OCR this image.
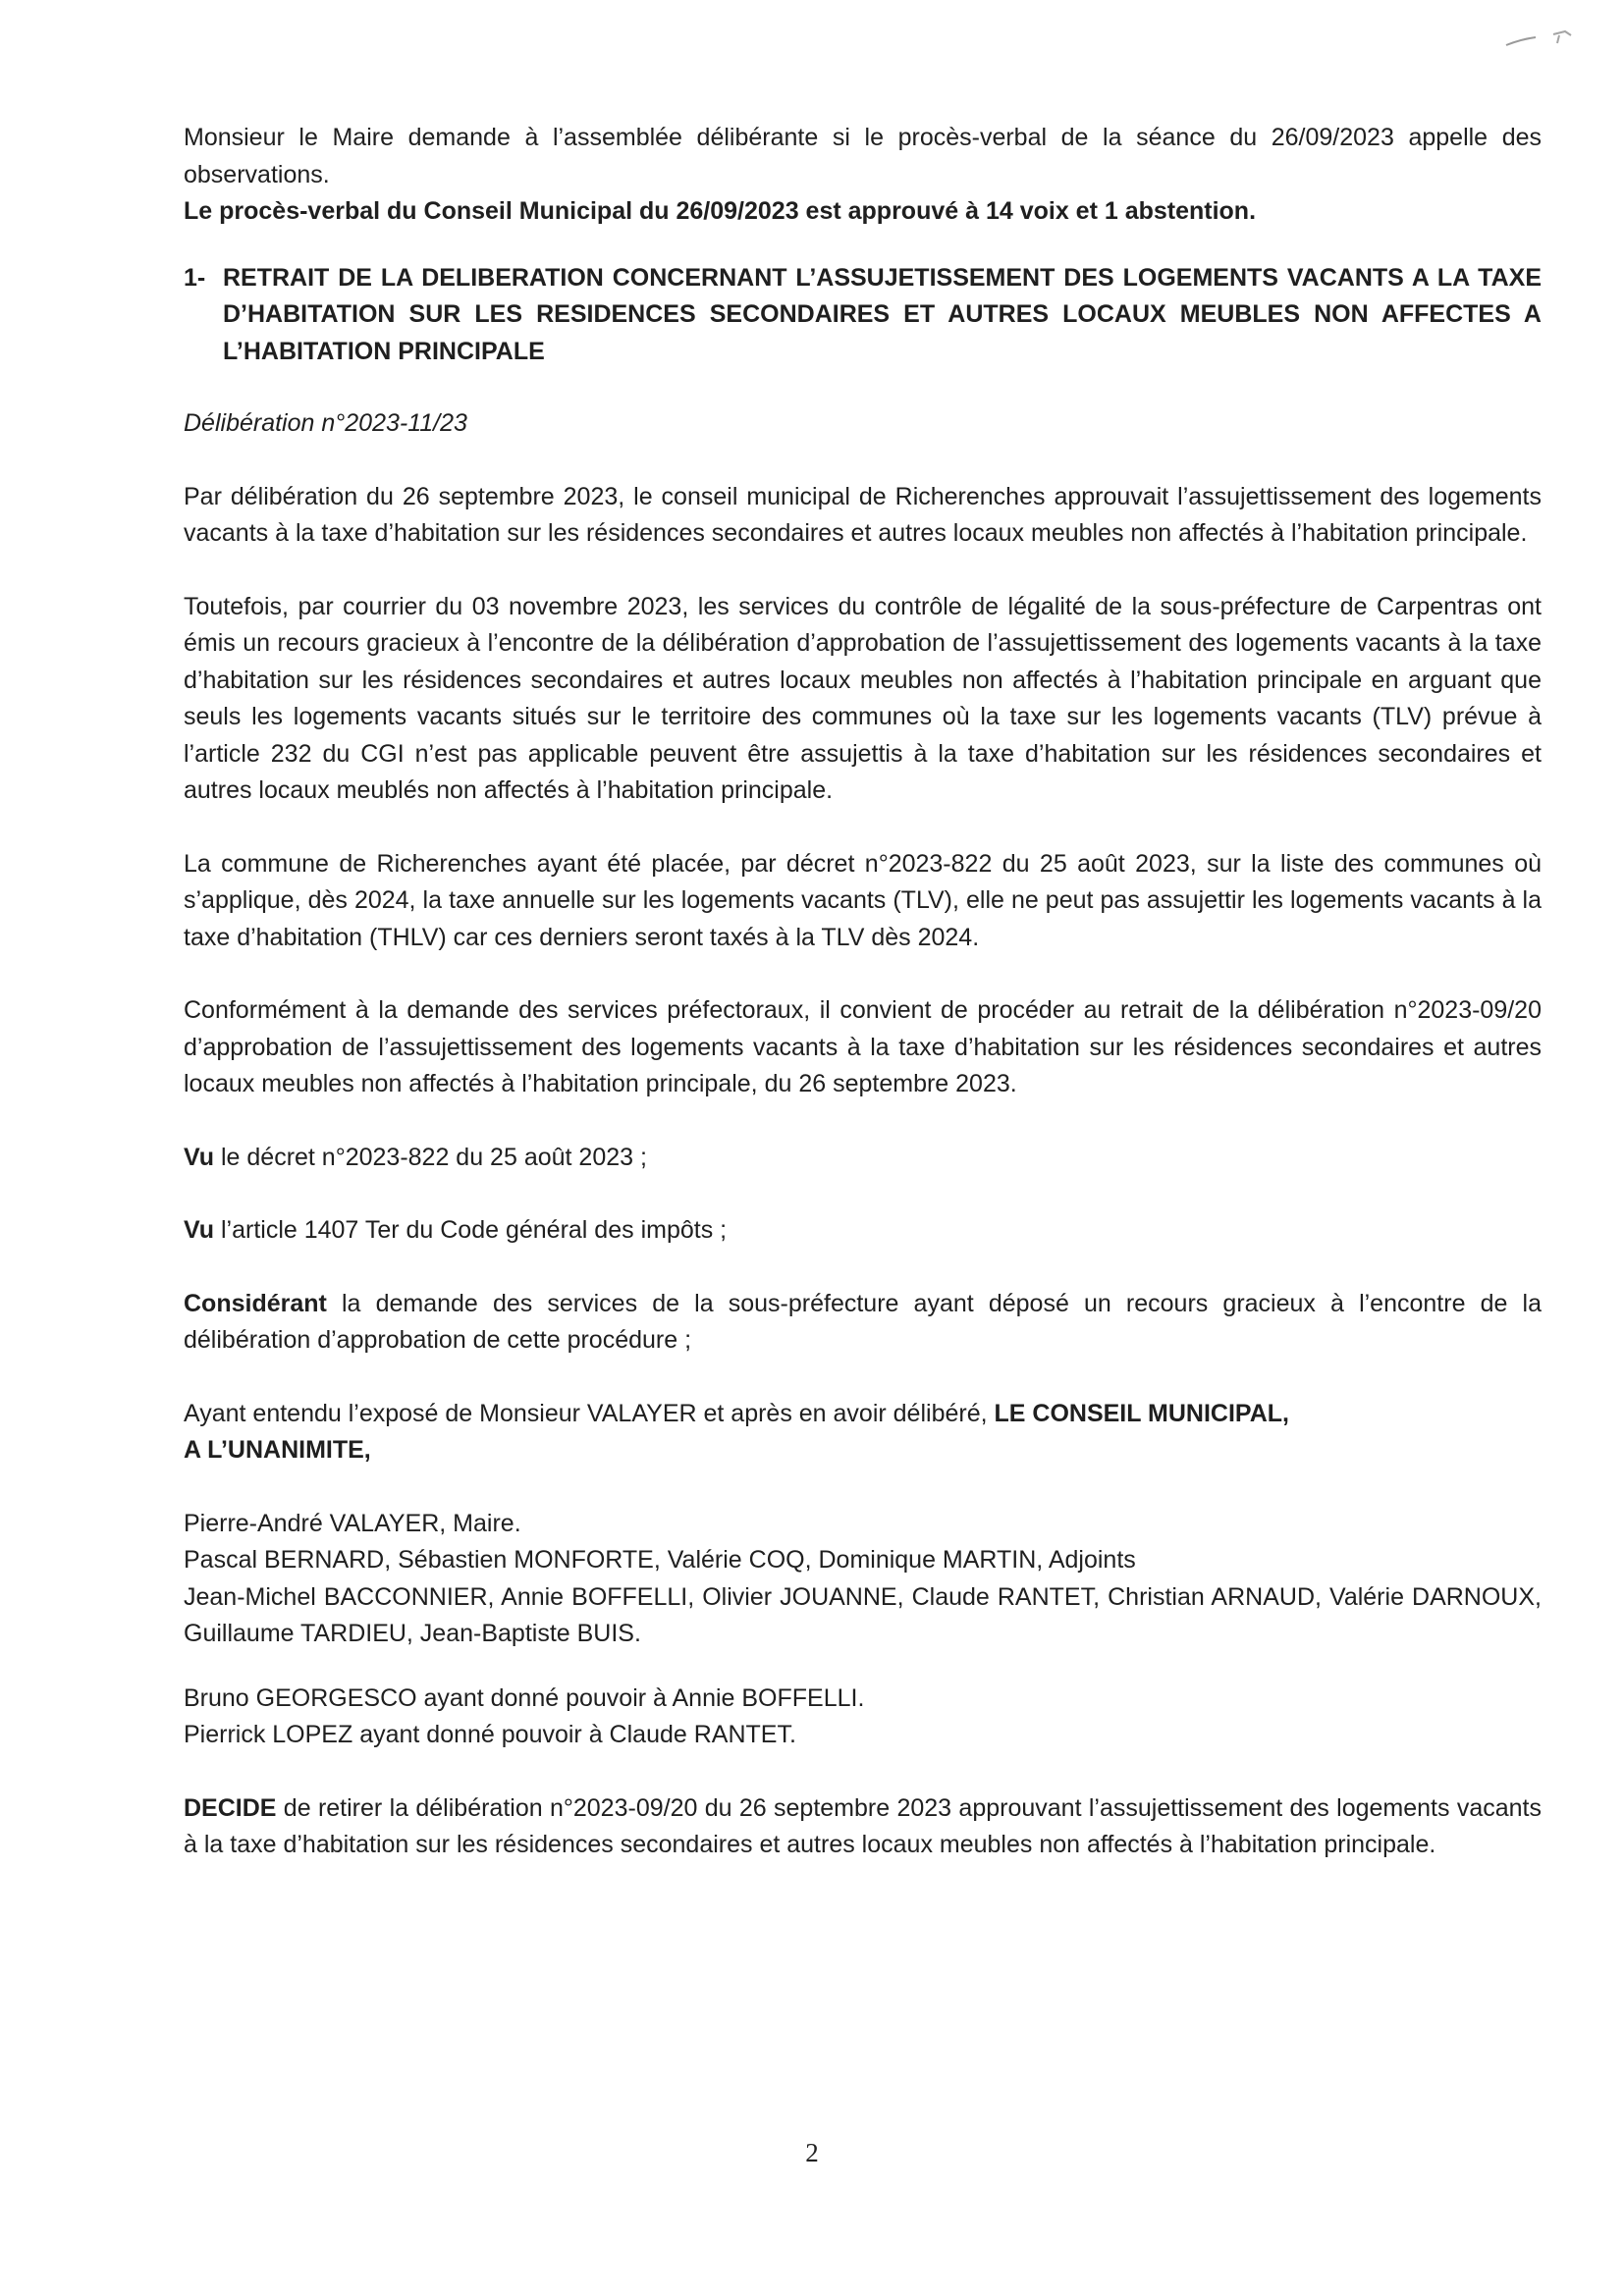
Monsieur le Maire demande à l’assemblée délibérante si le procès-verbal de la séance du 26/09/2023 appelle des observations.

Le procès-verbal du Conseil Municipal du 26/09/2023 est approuvé à 14 voix et 1 abstention.

1- RETRAIT DE LA DELIBERATION CONCERNANT L’ASSUJETISSEMENT DES LOGEMENTS VACANTS A LA TAXE D’HABITATION SUR LES RESIDENCES SECONDAIRES ET AUTRES LOCAUX MEUBLES NON AFFECTES A L’HABITATION PRINCIPALE

Délibération n°2023-11/23

Par délibération du 26 septembre 2023, le conseil municipal de Richerenches approuvait l’assujettissement des logements vacants à la taxe d’habitation sur les résidences secondaires et autres locaux meubles non affectés à l’habitation principale.

Toutefois, par courrier du 03 novembre 2023, les services du contrôle de légalité de la sous-préfecture de Carpentras ont émis un recours gracieux à l’encontre de la délibération d’approbation de l’assujettissement des logements vacants à la taxe d’habitation sur les résidences secondaires et autres locaux meubles non affectés à l’habitation principale en arguant que seuls les logements vacants situés sur le territoire des communes où la taxe sur les logements vacants (TLV) prévue à l’article 232 du CGI n’est pas applicable peuvent être assujettis à la taxe d’habitation sur les résidences secondaires et autres locaux meublés non affectés à l’habitation principale.

La commune de Richerenches ayant été placée, par décret n°2023-822 du 25 août 2023, sur la liste des communes où s’applique, dès 2024, la taxe annuelle sur les logements vacants (TLV), elle ne peut pas assujettir les logements vacants à la taxe d’habitation (THLV) car ces derniers seront taxés à la TLV dès 2024.

Conformément à la demande des services préfectoraux, il convient de procéder au retrait de la délibération n°2023-09/20 d’approbation de l’assujettissement des logements vacants à la taxe d’habitation sur les résidences secondaires et autres locaux meubles non affectés à l’habitation principale, du 26 septembre 2023.

Vu le décret n°2023-822 du 25 août 2023 ;

Vu l’article 1407 Ter du Code général des impôts ;

Considérant la demande des services de la sous-préfecture ayant déposé un recours gracieux à l’encontre de la délibération d’approbation de cette procédure ;

Ayant entendu l’exposé de Monsieur VALAYER et après en avoir délibéré, LE CONSEIL MUNICIPAL,

A L’UNANIMITE,

Pierre-André VALAYER, Maire.

Pascal BERNARD, Sébastien MONFORTE, Valérie COQ, Dominique MARTIN, Adjoints

Jean-Michel BACCONNIER, Annie BOFFELLI, Olivier JOUANNE, Claude RANTET, Christian ARNAUD, Valérie DARNOUX, Guillaume TARDIEU, Jean-Baptiste BUIS.

Bruno GEORGESCO ayant donné pouvoir à Annie BOFFELLI.

Pierrick LOPEZ ayant donné pouvoir à Claude RANTET.

DECIDE de retirer la délibération n°2023-09/20 du 26 septembre 2023 approuvant l’assujettissement des logements vacants à la taxe d’habitation sur les résidences secondaires et autres locaux meubles non affectés à l’habitation principale.

2
